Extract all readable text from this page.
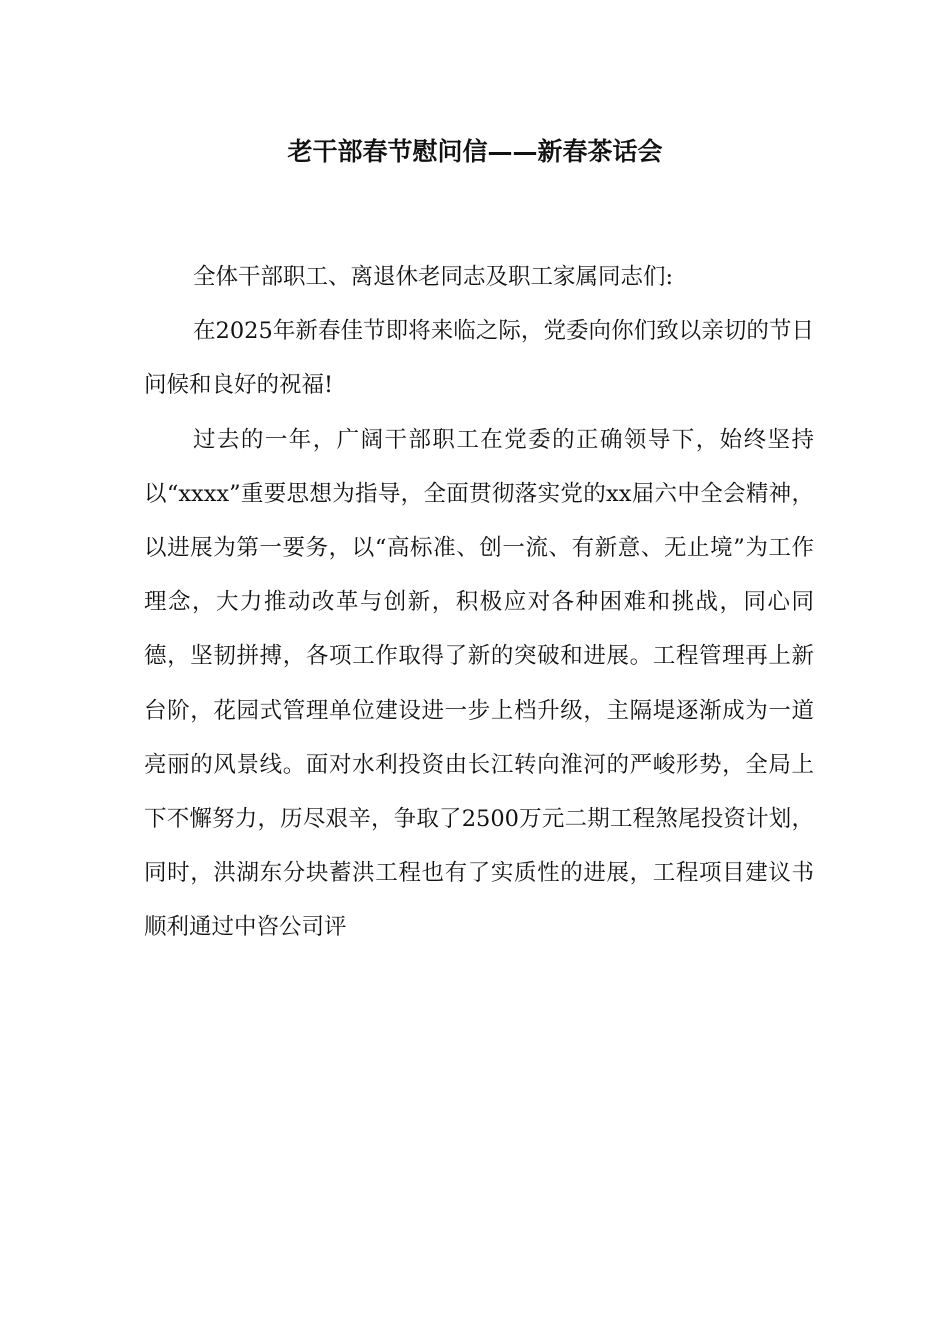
老干部春节慰问信——新春茶话会

全体干部职工、离退休老同志及职工家属同志们:

在2025年新春佳节即将来临之际，党委向你们致以亲切的节日问候和良好的祝福!

过去的一年，广阔干部职工在党委的正确领导下，始终坚持以“xxxx”重要思想为指导，全面贯彻落实党的xx届六中全会精神，以进展为第一要务，以“高标准、创一流、有新意、无止境”为工作理念，大力推动改革与创新，积极应对各种困难和挑战，同心同德，坚韧拼搏，各项工作取得了新的突破和进展。工程管理再上新台阶，花园式管理单位建设进一步上档升级，主隔堤逐渐成为一道亮丽的风景线。面对水利投资由长江转向淮河的严峻形势，全局上下不懈努力，历尽艰辛，争取了2500万元二期工程煞尾投资计划，同时，洪湖东分块蓄洪工程也有了实质性的进展，工程项目建议书顺利通过中咨公司评
